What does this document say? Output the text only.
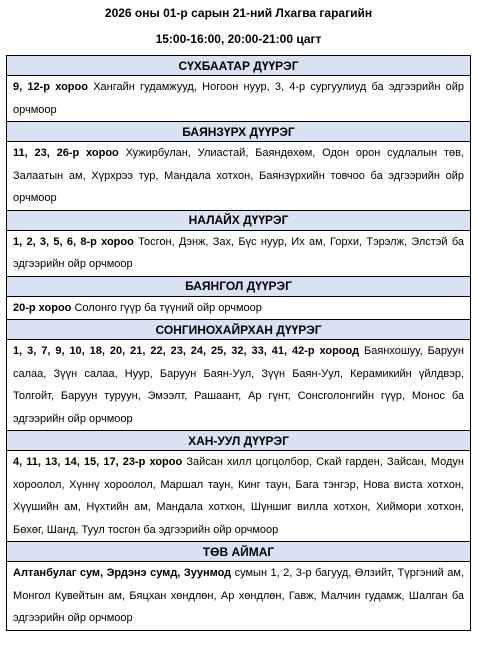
2026 оны 01-р сарын 21-ний Лхагва гарагийн
15:00-16:00, 20:00-21:00 цагт
СҮХБААТАР ДҮҮРЭГ
9, 12-р хороо Хангайн гудамжууд, Ногоон нуур, 3, 4-р сургуулиуд ба эдгээрийн ойр орчмоор
БАЯНЗҮРХ ДҮҮРЭГ
11, 23, 26-р хороо Хужирбулан, Улиастай, Баяндөхөм, Одон орон судлалын төв, Залаатын ам, Хүрхрээ тур, Мандала хотхон, Баянзүрхийн товчоо ба эдгээрийн ойр орчмоор
НАЛАЙХ ДҮҮРЭГ
1, 2, 3, 5, 6, 8-р хороо Тосгон, Дэнж, Зах, Бүс нуур, Их ам, Горхи, Тэрэлж, Элстэй ба эдгээрийн ойр орчмоор
БАЯНГОЛ ДҮҮРЭГ
20-р хороо Солонго гүүр ба түүний ойр орчмоор
СОНГИНОХАЙРХАН ДҮҮРЭГ
1, 3, 7, 9, 10, 18, 20, 21, 22, 23, 24, 25, 32, 33, 41, 42-р хороод Баянхошуу, Баруун салаа, Зүүн салаа, Нуур, Баруун Баян-Уул, Зүүн Баян-Уул, Керамикийн үйлдвэр, Толгойт, Баруун туруун, Эмээлт, Рашаант, Ар гүнт, Сонсголонгийн гүүр, Монос ба эдгээрийн ойр орчмоор
ХАН-УУЛ ДҮҮРЭГ
4, 11, 13, 14, 15, 17, 23-р хороо Зайсан хилл цогцолбор, Скай гарден, Зайсан, Модун хороолол, Хүннү хороолол, Маршал таун, Кинг таун, Бага тэнгэр, Нова виста хотхон, Хүүшийн ам, Нүхтийн ам, Мандала хотхон, Шүншиг вилла хотхон, Хиймори хотхон, Бөхөг, Шанд, Туул тосгон ба эдгээрийн ойр орчмоор
ТӨВ АЙМАГ
Алтанбулаг сум, Эрдэнэ сумд, Зуунмод сумын 1, 2, 3-р багууд, Өлзийт, Түргэний ам, Монгол Кувейтын ам, Бяцхан хөндлөн, Ар хөндлөн, Гавж, Малчин гудамж, Шалган ба эдгээрийн ойр орчмоор
